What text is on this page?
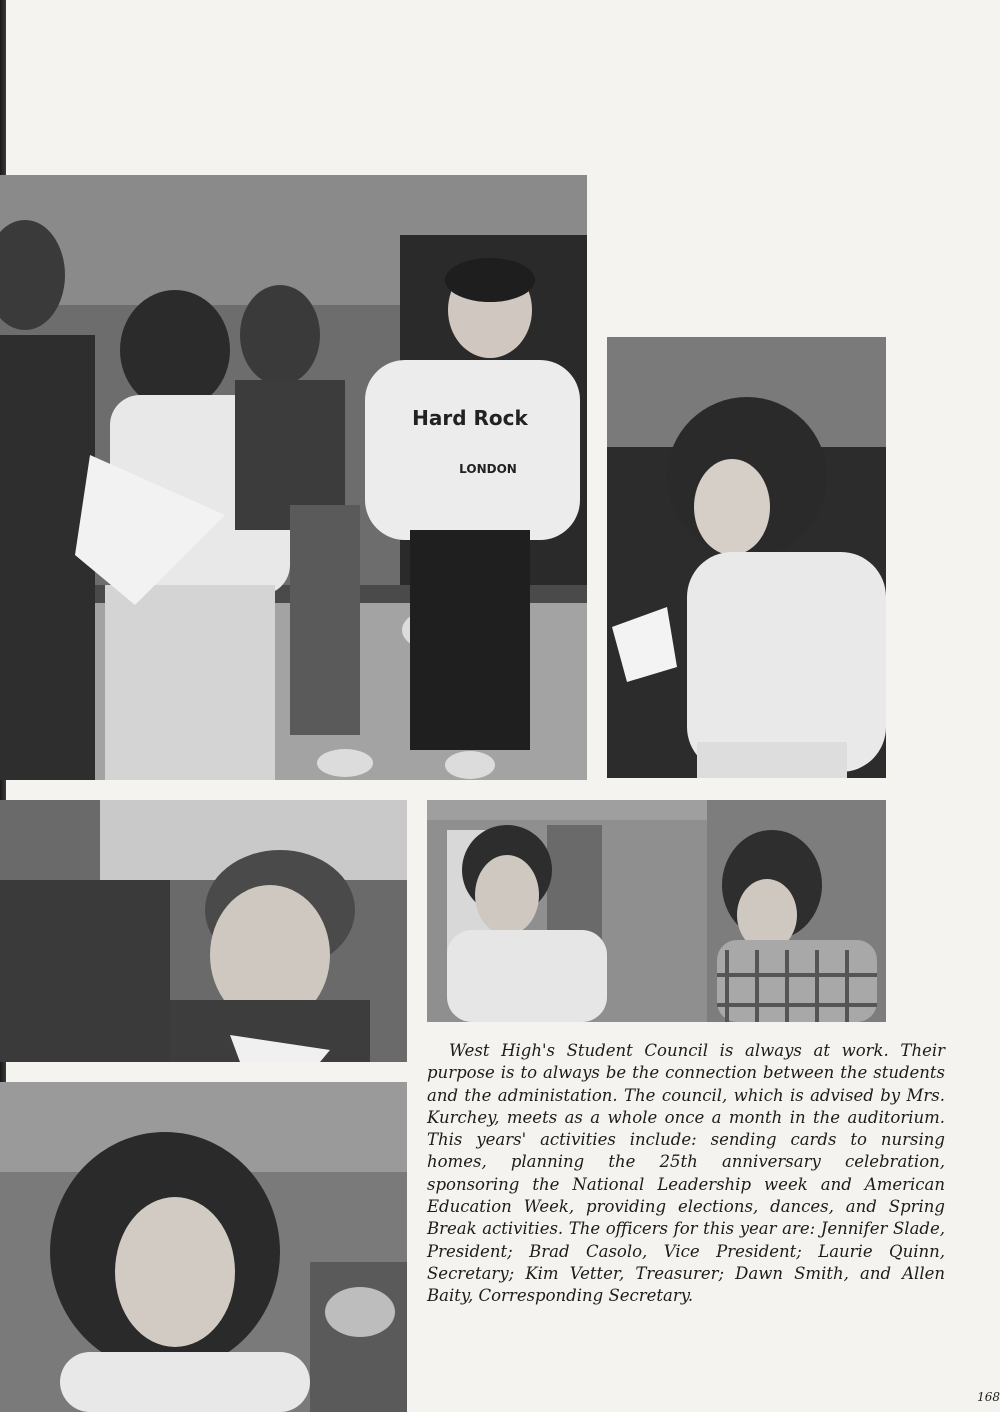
Hard Rock
LONDON
West High's Student Council is always at work. Their purpose is to always be the connection between the students and the administation. The council, which is advised by Mrs. Kurchey, meets as a whole once a month in the auditorium. This years' activities include: sending cards to nursing homes, planning the 25th anniversary celebration, sponsoring the National Leadership week and American Education Week, providing elections, dances, and Spring Break activities. The officers for this year are: Jennifer Slade, President; Brad Casolo, Vice President; Laurie Quinn, Secretary; Kim Vetter, Treasurer; Dawn Smith, and Allen Baity, Corresponding Secretary.
168
